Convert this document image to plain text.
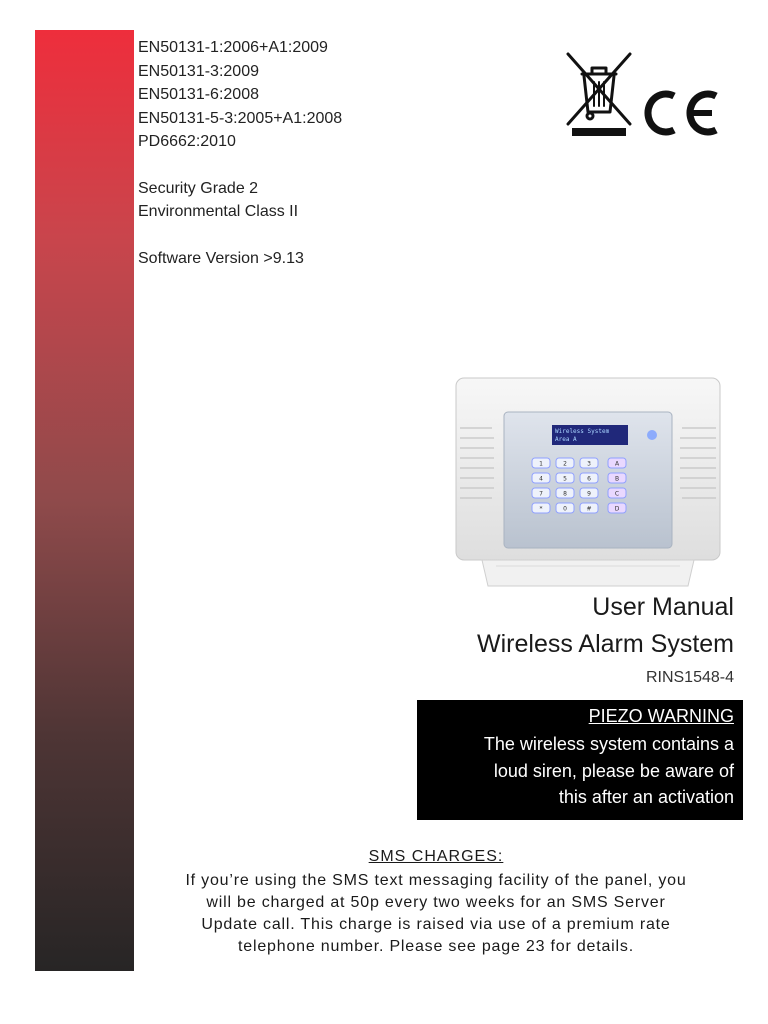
EN50131-1:2006+A1:2009
EN50131-3:2009
EN50131-6:2008
EN50131-5-3:2005+A1:2008
PD6662:2010
Security Grade 2
Environmental Class II
Software Version >9.13
Wireless System
Area A
1	2	3	A
4	5	6	B
7	8	9	C
*	0	#	D
User Manual
Wireless Alarm System
RINS1548-4
PIEZO WARNING
The wireless system contains a
loud siren, please be aware of
this after an activation
SMS CHARGES:
If you’re using the SMS text messaging facility of the panel, you
will be charged at 50p every two weeks for an SMS Server
Update call. This charge is raised via use of a premium rate
telephone number. Please see page 23 for details.
